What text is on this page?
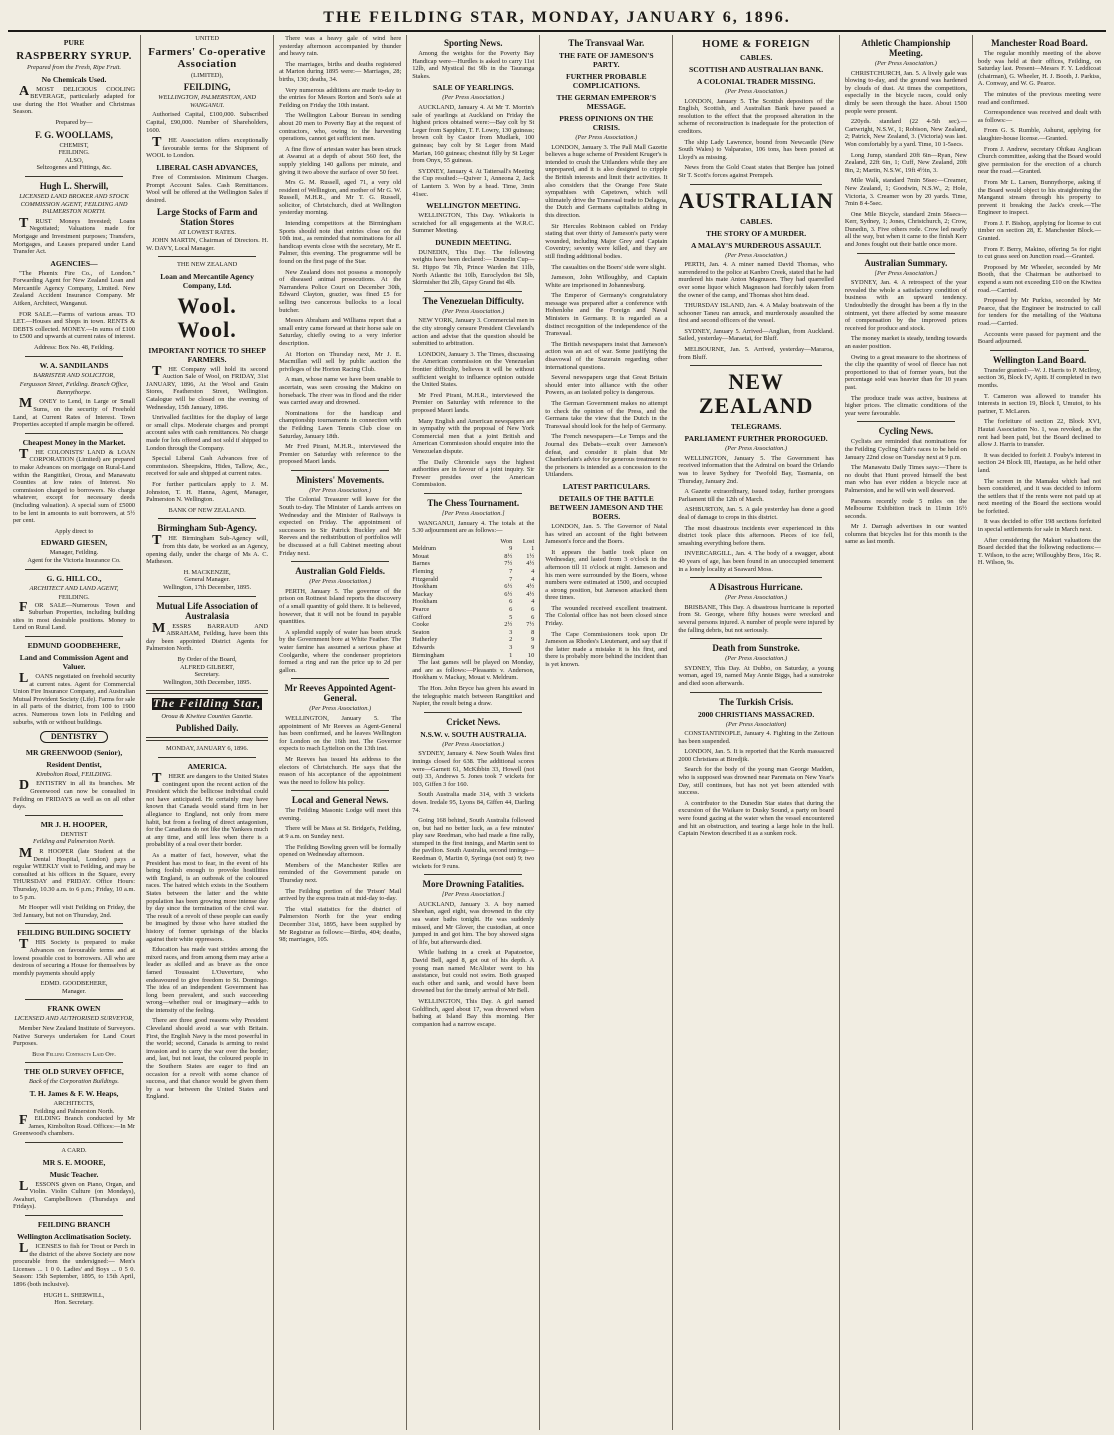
THE FEILDING STAR, MONDAY, JANUARY 6, 1896.
PURE
RASPBERRY SYRUP.
Prepared from the Fresh, Ripe Fruit.
No Chemicals Used.

AMOST DELICIOUS COOLING BEVERAGE, particularly adapted for use during the Hot Weather and Christmas Season.

Prepared by—
F. G. WOOLLAMS,
CHEMIST,
FEILDING.
ALSO,
Seltzogenes and Fittings, &c.
Hugh L. Sherwill,
LICENSED LAND BROKER AND STOCK COMMISSION AGENT, FEILDING AND PALMERSTON NORTH.

TRUST Moneys Invested; Loans Negotiated; Valuations made for Mortgage and Investment purposes; Transfers, Mortgages, and Leases prepared under Land Transfer Act.

AGENCIES—

"The Phœnix Fire Co., of London." Forwarding Agent for New Zealand Loan and Mercantile Agency Company, Limited. New Zealand Accident Insurance Company. Mr Aitken, Architect, Wanganui.

FOR SALE.—Farms of various areas. TO LET.—Houses and Shops in town. RENTS & DEBTS collected. MONEY.—In sums of £100 to £500 and upwards at current rates of interest.

Address: Box No. 48, Feilding.
W. A. SANDILANDS
BARRISTER AND SOLICITOR,
Fergusson Street, Feilding. Branch Office, Bunnythorpe.

MONEY to Lend, in Large or Small Sums, on the security of Freehold Land, at Current Rates of Interest. Town Properties accepted if ample margin be offered.

Cheapest Money in the Market.

THE COLONISTS' LAND & LOAN CORPORATION (Limited) are prepared to make Advances on mortgage on Rural-Land within the Rangitikei, Oroua, and Manawatu Counties at low rates of Interest. No commission charged to borrowers. No charge whatever, except for necessary deeds (including valuation). A special sum of £5000 to be lent in amounts to suit borrowers, at 5½ per cent.

Apply direct to
EDWARD GIESEN,
Manager, Feilding.
Agent for the Victoria Insurance Co.
G. G. HILL CO.,
ARCHITECT AND LAND AGENT,
FEILDING.

FOR SALE—Numerous Town and Suburban Properties, including building sites in most desirable positions. Money to Lend on Rural Land.

EDMUND GOODBEHERE,
Land and Commission Agent and Valuer.

LOANS negotiated on freehold security at current rates. Agent for Commercial Union Fire Insurance Company, and Australian Mutual Provident Society (Life). Farms for sale in all parts of the district, from 100 to 1900 acres. Numerous town lots in Feilding and suburbs, with or without buildings.

DENTISTRY
MR GREENWOOD (Senior),
Resident Dentist,
Kimbolton Road, FEILDING.

DENTISTRY in all its branches. Mr Greenwood can now be consulted in Feilding on FRIDAYS as well as on all other days.

MR J. H. HOOPER,
DENTIST
Feilding and Palmerston North.

MR HOOPER (late Student at the Dental Hospital, London) pays a regular WEEKLY visit to Feilding, and may be consulted at his offices in the Square, every THURSDAY and FRIDAY. Office Hours: Thursday, 10.30 a.m. to 6 p.m.; Friday, 10 a.m. to 5 p.m.

Mr Hooper will visit Feilding on Friday, the 3rd January, but not on Thursday, 2nd.

FEILDING BUILDING SOCIETY

THIS Society is prepared to make Advances on favourable terms and at lowest possible cost to borrowers. All who are desirous of securing a House for themselves by monthly payments should apply

EDMD. GOODBEHERE,
Manager.
FRANK OWEN
LICENSED AND AUTHORISED SURVEYOR,

Member New Zealand Institute of Surveyors. Native Surveys undertaken for Land Court Purposes.

Bush Felling Contracts Laid Off.
THE OLD SURVEY OFFICE,
Back of the Corporation Buildings.
T. H. James & F. W. Heaps,
ARCHITECTS,
Feilding and Palmerston North.

FEILDING Branch conducted by Mr James, Kimbolton Road. Offices:—In Mr Greenwood's chambers.

A CARD.
MR S. E. MOORE,
Music Teacher.

LESSONS given on Piano, Organ, and Violin. Violin Culture (on Mondays), Awahuri, Campbelltown (Thursdays and Fridays).

FEILDING BRANCH
Wellington Acclimatisation Society.

LICENSES to fish for Trout or Perch in the district of the above Society are now procurable from the undersigned:— Men's Licenses ... 1 0 0. Ladies' and Boys ... 0 5 0. Season: 15th September, 1895, to 15th April, 1896 (both inclusive).

HUGH L. SHERWILL,
Hon. Secretary.
UNITED
Farmers' Co-operative Association
(LIMITED),
FEILDING,
WELLINGTON, PALMERSTON, AND WANGANUI.

Authorised Capital, £100,000. Subscribed Capital, £90,000. Number of Shareholders, 1600.

THE Association offers exceptionally favourable terms for the Shipment of WOOL to London.

LIBERAL CASH ADVANCES,

Free of Commission. Minimum Charges. Prompt Account Sales. Cash Remittances. Wool will be offered at the Wellington Sales if desired.

Large Stocks of Farm and Station Stores
AT LOWEST RATES.

JOHN MARTIN, Chairman of Directors. H. W. DAVY, Local Manager.

THE NEW ZEALAND
Loan and Mercantile Agency Company, Ltd.
Wool. Wool.
IMPORTANT NOTICE TO SHEEP FARMERS.

THE Company will hold its second Auction Sale of Wool, on FRIDAY, 31st JANUARY, 1896, At the Wool and Grain Stores, Featherston Street, Wellington. Catalogue will be closed on the evening of Wednesday, 15th January, 1896.

Unrivalled facilities for the display of large or small clips. Moderate charges and prompt account sales with cash remittances. No charge made for lots offered and not sold if shipped to London through the Company.

Special Liberal Cash Advances free of commission. Sheepskins, Hides, Tallow, &c., received for sale and shipped at current rates.

For further particulars apply to J. M. Johnston, T. H. Hanna, Agent, Manager, Palmerston N. Wellington.

BANK OF NEW ZEALAND.
Birmingham Sub-Agency.

THE Birmingham Sub-Agency will, from this date, be worked as an Agency, opening daily, under the charge of Ms A. C. Matheson.

H. MACKENZIE,
General Manager.
Wellington, 17th December, 1895.
Mutual Life Association of Australasia

MESSRS BARRAUD AND ABRAHAM, Feilding, have been this day been appointed District Agents for Palmerston North.

By Order of the Board,
ALFRED GILBERT,
Secretary.
Wellington, 30th December, 1895.
The Feilding Star,
Oroua & Kiwitea Counties Gazette.
Published Daily.
MONDAY, JANUARY 6, 1896.
AMERICA.

THERE are dangers to the United States contingent upon the recent action of the President which the bellicose individual could not have anticipated. He certainly may have known that Canada would stand firm in her allegiance to England, not only from mere habit, but from a feeling of direct antagonism, for the Canadians do not like the Yankees much at any time, and still less when there is a probability of a real over their border.

As a matter of fact, however, what the President has most to fear, in the event of his being foolish enough to provoke hostilities with England, is an outbreak of the coloured races. The hatred which exists in the Southern States between the latter and the white population has been growing more intense day by day since the termination of the civil war. The result of a revolt of these people can easily be imagined by those who have studied the history of former uprisings of the blacks against their white oppressors.

Education has made vast strides among the mixed races, and from among them may arise a leader as skilled and as brave as the once famed Toussaint L'Ouverture, who endeavoured to give freedom to St. Domingo. The idea of an independent Government has long been prevalent, and such succeeding wrong—whether real or imaginary—adds to the intensity of the feeling.

There are three good reasons why President Cleveland should avoid a war with Britain. First, the English Navy is the most powerful in the world; second, Canada is arming to resist invasion and to carry the war over the border; and, last, but not least, the coloured people in the Southern States are eager to find an occasion for a revolt with some chance of success, and that chance would be given them by a war between the United States and England.

There was a heavy gale of wind here yesterday afternoon accompanied by thunder and heavy rain.

The marriages, births and deaths registered at Marton during 1895 were:— Marriages, 28; births, 130; deaths, 34.

Very numerous additions are made to-day to the entries for Messrs Rorton and Son's sale at Feilding on Friday the 10th instant.

The Wellington Labour Bureau in sending about 20 men to Poverty Bay at the request of contractors, who, owing to the harvesting operations, cannot get sufficient men.

A fine flow of artesian water has been struck at Awanui at a depth of about 560 feet, the supply yielding 140 gallons per minute, and giving it two above the surface of over 50 feet.

Mrs G. M. Russell, aged 71, a very old resident of Wellington, and mother of Mr G. W. Russell, M.H.R., and Mr T. G. Russell, solicitor, of Christchurch, died at Wellington yesterday morning.

Intending competitors at the Birmingham Sports should note that entries close on the 10th inst., as reminded that nominations for all handicap events close with the secretary, Mr E. Palmer, this evening. The programme will be found on the first page of the Star.

New Zealand does not possess a monopoly of diseased animal prosecutions. At the Narrandera Police Court on December 30th, Edward Clayton, grazier, was fined £5 for selling two cancerous bullocks to a local butcher.

Messrs Abraham and Williams report that a small entry came forward at their horse sale on Saturday, chiefly owing to a very inferior description.

At Horton on Thursday next, Mr J. E. Macmillan will sell by public auction the privileges of the Horton Racing Club.

A man, whose name we have been unable to ascertain, was seen crossing the Makino on horseback. The river was in flood and the rider was carried away and drowned.

Nominations for the handicap and championship tournaments in connection with the Feilding Lawn Tennis Club close on Saturday, January 18th.

Mr Fred Pirani, M.H.R., interviewed the Premier on Saturday with reference to the proposed Maori lands.

Ministers' Movements.
(Per Press Association.)

The Colonial Treasurer will leave for the South to-day. The Minister of Lands arrives on Wednesday and the Minister of Railways is expected on Friday. The appointment of successors to Sir Patrick Buckley and Mr Reeves and the redistribution of portfolios will be discussed at a full Cabinet meeting about Friday next.

Australian Gold Fields.
(Per Press Association.)

PERTH, January 5. The governor of the prison on Rottnest Island reports the discovery of a small quantity of gold there. It is believed, however, that it will not be found in payable quantities.

A splendid supply of water has been struck by the Government bore at White Feather. The water famine has assumed a serious phase at Coolgardie, where the condenser proprietors formed a ring and ran the price up to 2d per gallon.

Mr Reeves Appointed Agent-General.
(Per Press Association.)

WELLINGTON, January 5. The appointment of Mr Reeves as Agent-General has been confirmed, and he leaves Wellington for London on the 16th inst. The Governor expects to reach Lyttelton on the 13th inst.

Mr Reeves has issued his address to the electors of Christchurch. He says that the reason of his acceptance of the appointment was the need to follow his policy.

Local and General News.

The Feilding Masonic Lodge will meet this evening.

There will be Mass at St. Bridget's, Feilding, at 9 a.m. on Sunday next.

The Feilding Bowling green will be formally opened on Wednesday afternoon.

Members of the Manchester Rifles are reminded of the Government parade on Thursday next.

The Feilding portion of the 'Prison' Mail arrived by the express train at mid-day to-day.

The vital statistics for the district of Palmerston North for the year ending December 31st, 1895, have been supplied by Mr Registrar as follows:—Births, 404; deaths, 98; marriages, 105.

Sporting News.

Among the weights for the Poverty Bay Handicap were—Hurdles is asked to carry 11st 12lb, and Mystical 8st 9lb in the Tauranga Stakes.

SALE OF YEARLINGS.
(Per Press Association.)

AUCKLAND, January 4. At Mr T. Morrin's sale of yearlings at Auckland on Friday the highest prices obtained were:—Bay colt by St Leger from Sapphire, T. F. Lowry, 130 guineas; brown colt by Castor from Mudlark, 100 guineas; bay colt by St Leger from Maid Marian, 160 guineas; chestnut filly by St Leger from Onyx, 55 guineas.

SYDNEY, January 4. At Tattersall's Meeting the Cup resulted:—Quiver 1, Anneona 2, Jack of Lantern 3. Won by a head. Time, 3min 41sec.

WELLINGTON MEETING.

WELLINGTON, This Day. Wikakoris is scratched for all engagements at the W.R.C. Summer Meeting.

DUNEDIN MEETING.

DUNEDIN, This Day. The following weights have been declared:— Dunedin Cup—St. Hippo 9st 7lb, Prince Warden 8st 11lb, North Atlantic 8st 10lb, Euroclydon 8st 5lb, Skirmisher 8st 2lb, Gipsy Grand 8st 4lb.

The Venezuelan Difficulty.
(Per Press Association.)

NEW YORK, January 3. Commercial men in the city strongly censure President Cleveland's action and advise that the question should be submitted to arbitration.

LONDON, January 3. The Times, discussing the American commission on the Venezuelan frontier difficulty, believes it will be without sufficient weight to influence opinion outside the United States.

Mr Fred Pirani, M.H.R., interviewed the Premier on Saturday with reference to the proposed Maori lands.

Many English and American newspapers are in sympathy with the proposal of New York Commercial men that a joint British and American Commission should enquire into the Venezuelan dispute.

The Daily Chronicle says the highest authorities are in favour of a joint inquiry. Sir Frewer presides over the American Commission.

The Chess Tournament.
[Per Press Association.]

WANGANUI, January 4. The totals at the 5.30 adjournment are as follows:—

	Won	Lost
Meldrum	9	1
Mouat	8½	1½
Barnes	7½	4½
Fleming	7	4
Fitzgerald	7	4
Hookham	6½	4½
Mackay	6½	4½
Hookham	6	4
Pearce	6	6
Gifford	5	6
Cooke	2½	7½
Seaton	3	8
Hatherley	2	9
Edwards	3	9
Birmingham	1	10

The last games will be played on Monday, and are as follows:—Pleasants v. Anderson, Hookham v. Mackay, Mouat v. Meldrum.

The Hon. John Bryce has given his award in the telegraphic match between Rangitikei and Napier, the result being a draw.

Cricket News.
N.S.W. v. SOUTH AUSTRALIA.
(Per Press Association.)

SYDNEY, January 4. New South Wales first innings closed for 638. The additional scores were—Garnett 61, McKibbin 33, Howell (not out) 33, Andrews 5. Jones took 7 wickets for 103, Giffen 3 for 160.

South Australia made 314, with 3 wickets down. Iredale 95, Lyons 84, Giffen 44, Darling 74.

Going 168 behind, South Australia followed on, but had no better luck, as a few minutes' play saw Reedman, who had made a fine rally, stumped in the first innings, and Martin sent to the pavilion. South Australia, second innings—Reedman 0, Martin 0, Syringa (not out) 9; two wickets for 9 runs.

More Drowning Fatalities.
[Per Press Association.]

AUCKLAND, January 3. A boy named Sheehan, aged eight, was drowned in the city sea water baths tonight. He was suddenly missed, and Mr Glover, the custodian, at once jumped in and got him. The boy showed signs of life, but afterwards died.

While bathing in a creek at Papatoetoe, David Bell, aged 8, got out of his depth. A young man named McAlister went to his assistance, but could not swim. Both grasped each other and sank, and would have been drowned but for the timely arrival of Mr Bell.

WELLINGTON, This Day. A girl named Goldfinch, aged about 17, was drowned when bathing at Island Bay this morning. Her companion had a narrow escape.

The Transvaal War.
THE FATE OF JAMESON'S PARTY.
FURTHER PROBABLE COMPLICATIONS.
THE GERMAN EMPEROR'S MESSAGE.
PRESS OPINIONS ON THE CRISIS.
(Per Press Association.)

LONDON, January 3. The Pall Mall Gazette believes a huge scheme of President Kruger's is intended to crush the Uitlanders while they are unprepared, and it is also designed to cripple the British interests and limit their activities. It also considers that the Orange Free State sympathises with Capetown, which will ultimately drive the Transvaal trade to Delagoa, the Dutch and Germans capitalists aiding in this direction.

Sir Hercules Robinson cabled on Friday stating that over thirty of Jameson's party were wounded, including Major Grey and Captain Coventry; seventy were killed, and they are still finding additional bodies.

The casualties on the Boers' side were slight.

Jameson, John Willoughby, and Captain White are imprisoned in Johannesburg.

The Emperor of Germany's congratulatory message was prepared after a conference with Hohenlohe and the Foreign and Naval Ministers in Germany. It is regarded as a distinct recognition of the independence of the Transvaal.

The British newspapers insist that Jameson's action was an act of war. Some justifying the disavowal of the Suzerain regarding other international questions.

Several newspapers urge that Great Britain should enter into alliance with the other Powers, as an isolated policy is dangerous.

The German Government makes no attempt to check the opinion of the Press, and the Germans take the view that the Dutch in the Transvaal should look for the help of Germany.

The French newspapers—Le Temps and the Journal des Debats—exult over Jameson's defeat, and consider it plain that Mr Chamberlain's advice for generous treatment to the prisoners is intended as a concession to the Uitlanders.

LATEST PARTICULARS.
DETAILS OF THE BATTLE BETWEEN JAMESON AND THE BOERS.

LONDON, Jan. 5. The Governor of Natal has wired an account of the fight between Jameson's force and the Boers.

It appears the battle took place on Wednesday, and lasted from 3 o'clock in the afternoon till 11 o'clock at night. Jameson and his men were surrounded by the Boers, whose numbers were estimated at 1500, and occupied a strong position, but Jameson attacked them three times.

The wounded received excellent treatment. The Colonial office has not been closed since Friday.

The Cape Commissioners took upon Dr Jameson as Rhodes's Lieutenant, and say that if the latter made a mistake it is his first, and there is probably more behind the incident than is yet known.

HOME & FOREIGN
CABLES.
SCOTTISH AND AUSTRALIAN BANK.
A COLONIAL TRADER MISSING.
(Per Press Association.)

LONDON, January 5. The Scottish depositors of the English, Scottish, and Australian Bank have passed a resolution to the effect that the proposed alteration in the scheme of reconstruction is inadequate for the protection of creditors.

The ship Lady Lawrence, bound from Newcastle (New South Wales) to Valparaiso, 106 tons, has been posted at Lloyd's as missing.

News from the Gold Coast states that Benjee has joined Sir T. Scott's forces against Prempeh.

AUSTRALIAN
CABLES.
THE STORY OF A MURDER.
A MALAY'S MURDEROUS ASSAULT.
(Per Press Association.)

PERTH, Jan. 4. A miner named David Thomas, who surrendered to the police at Kanbro Creek, stated that he had murdered his mate Anton Magnuson. They had quarrelled over some liquor which Magnuson had forcibly taken from the owner of the camp, and Thomas shot him dead.

THURSDAY ISLAND, Jan. 4. A Malay boatswain of the schooner Taneu ran amuck, and murderously assaulted the first and second officers of the vessel.

SYDNEY, January 5. Arrived—Anglian, from Auckland. Sailed, yesterday—Maraetai, for Bluff.

MELBOURNE, Jan. 5. Arrived, yesterday—Mararoa, from Bluff.

NEW ZEALAND
TELEGRAMS.
PARLIAMENT FURTHER PROROGUED.
(Per Press Association.)

WELLINGTON, January 5. The Government has received information that the Admiral on board the Orlando was to leave Sydney for Twofold Bay, Tasmania, on Thursday, January 2nd.

A Gazette extraordinary, issued today, further prorogues Parliament till the 12th of March.

ASHBURTON, Jan. 5. A gale yesterday has done a good deal of damage to crops in this district.

The most disastrous incidents ever experienced in this district took place this afternoon. Pieces of ice fell, smashing everything before them.

INVERCARGILL, Jan. 4. The body of a swagger, about 40 years of age, has been found in an unoccupied tenement in a lonely locality at Seaward Moss.

A Disastrous Hurricane.
(Per Press Association.)

BRISBANE, This Day. A disastrous hurricane is reported from St. George, where fifty houses were wrecked and several persons injured. A number of people were injured by the falling debris, but not seriously.

Death from Sunstroke.
(Per Press Association.)

SYDNEY, This Day. At Dubbo, on Saturday, a young woman, aged 19, named May Annie Biggs, had a sunstroke and died soon afterwards.

The Turkish Crisis.
2000 CHRISTIANS MASSACRED.
(Per Press Association)

CONSTANTINOPLE, January 4. Fighting in the Zeitoun has been suspended.

LONDON, Jan. 5. It is reported that the Kurds massacred 2000 Christians at Biredjik.

Search for the body of the young man George Madden, who is supposed was drowned near Paremata on New Year's Day, still continues, but has not yet been attended with success.

A contributor to the Dunedin Star states that during the excursion of the Waikare to Dusky Sound, a party on board were found gazing at the water when the vessel encountered and hit an obstruction, and tearing a large hole in the hull. Captain Newton described it as a sunken rock.

Athletic Championship Meeting.
(Per Press Association.)

CHRISTCHURCH, Jan. 5. A lively gale was blowing to-day, and the ground was hardened by clouds of dust. At times the competitors, especially in the bicycle races, could only dimly be seen through the haze. About 1500 people were present.

220yds. standard (22 4-5th sec).—Cartwright, N.S.W., 1; Robison, New Zealand, 2; Patrick, New Zealand, 3. (Victoria) was last. Won comfortably by a yard. Time, 10 1-5secs.

Long Jump, standard 20ft 6in—Ryan, New Zealand, 22ft 6in, 1; Cuff, New Zealand, 20ft 8in, 2; Martin, N.S.W., 19ft 4½in, 3.

Mile Walk, standard 7min 56sec—Creamer, New Zealand, 1; Goodwin, N.S.W., 2; Hole, Victoria, 3. Creamer won by 20 yards. Time, 7min 8 4-5sec.

One Mile Bicycle, standard 2min 56secs—Kerr, Sydney, 1; Jones, Christchurch, 2; Crow, Dunedin, 3. Five others rode. Crow led nearly all the way, but when it came to the finish Kerr and Jones fought out their battle once more.

Australian Summary.
[Per Press Association.]

SYDNEY, Jan. 4. A retrospect of the year revealed the whole a satisfactory condition of business with an upward tendency. Undoubtedly the drought has been a fly in the ointment, yet there affected by some measure of compensation by the improved prices received for produce and stock.

The money market is steady, tending towards an easier position.

Owing to a great measure to the shortness of the clip the quantity of wool of fleece has not proportioned to that of former years, but the percentage sold was heavier than for 10 years past.

The produce trade was active, business at higher prices. The climatic conditions of the year were favourable.

Cycling News.

Cyclists are reminded that nominations for the Feilding Cycling Club's races to be held on January 22nd close on Tuesday next at 9 p.m.

The Manawatu Daily Times says:—There is no doubt that Hunt proved himself the best man who has ever ridden a bicycle race at Palmerston, and he will win well deserved.

Parsons recently rode 5 miles on the Melbourne Exhibition track in 11min 16½ seconds.

Mr J. Darragh advertises in our wanted columns that bicycles list for this month is the same as last month.

Manchester Road Board.

The regular monthly meeting of the above body was held at their offices, Feilding, on Saturday last. Present—Messrs F. Y. Leddicoat (chairman), G. Wheeler, H. J. Booth, J. Parkiss, A. Conway, and W. G. Pearce.

The minutes of the previous meeting were read and confirmed.

Correspondence was received and dealt with as follows:—

From G. S. Rumble, Ashurst, applying for slaughter-house license.—Granted.

From J. Andrew, secretary Ohikau Anglican Church committee, asking that the Board would give permission for the erection of a church near the road.—Granted.

From Mr L. Larsen, Bunnythorpe, asking if the Board would object to his straightening the Manganui stream through his property to prevent it breaking the Jack's creek.—The Engineer to inspect.

From J. F. Bishop, applying for license to cut timber on section 28, E. Manchester Block.—Granted.

From F. Berry, Makino, offering 5s for right to cut grass seed on Junction road.—Granted.

Proposed by Mr Wheeler, seconded by Mr Booth, that the Chairman be authorised to expend a sum not exceeding £10 on the Kiwitea road.—Carried.

Proposed by Mr Purkiss, seconded by Mr Pearce, that the Engineer be instructed to call for tenders for the metalling of the Waituna road.—Carried.

Accounts were passed for payment and the Board adjourned.

Wellington Land Board.

Transfer granted:—W. J. Harris to P. McIlroy, section 36, Block IV, Apiti. If completed in two months.

T. Cameron was allowed to transfer his interests in section 19, Block I, Umutoi, to his partner, T. McLaren.

The forfeiture of section 22, Block XVI, Hautai Association No. 1, was revoked, as the rent had been paid, but the Board declined to allow J. Harris to transfer.

It was decided to forfeit J. Fouby's interest in section 24 Block III, Hautapu, as he held other land.

The screen in the Mamaku which had not been considered, and it was decided to inform the settlers that if the rents were not paid up at next meeting of the Board the sections would be forfeited.

It was decided to offer 198 sections forfeited in special settlements for sale in March next.

After considering the Makuri valuations the Board decided that the following reductions:—T. Wilson, to the acre; Willoughby Bros, 16s; R. H. Wilson, 9s.
